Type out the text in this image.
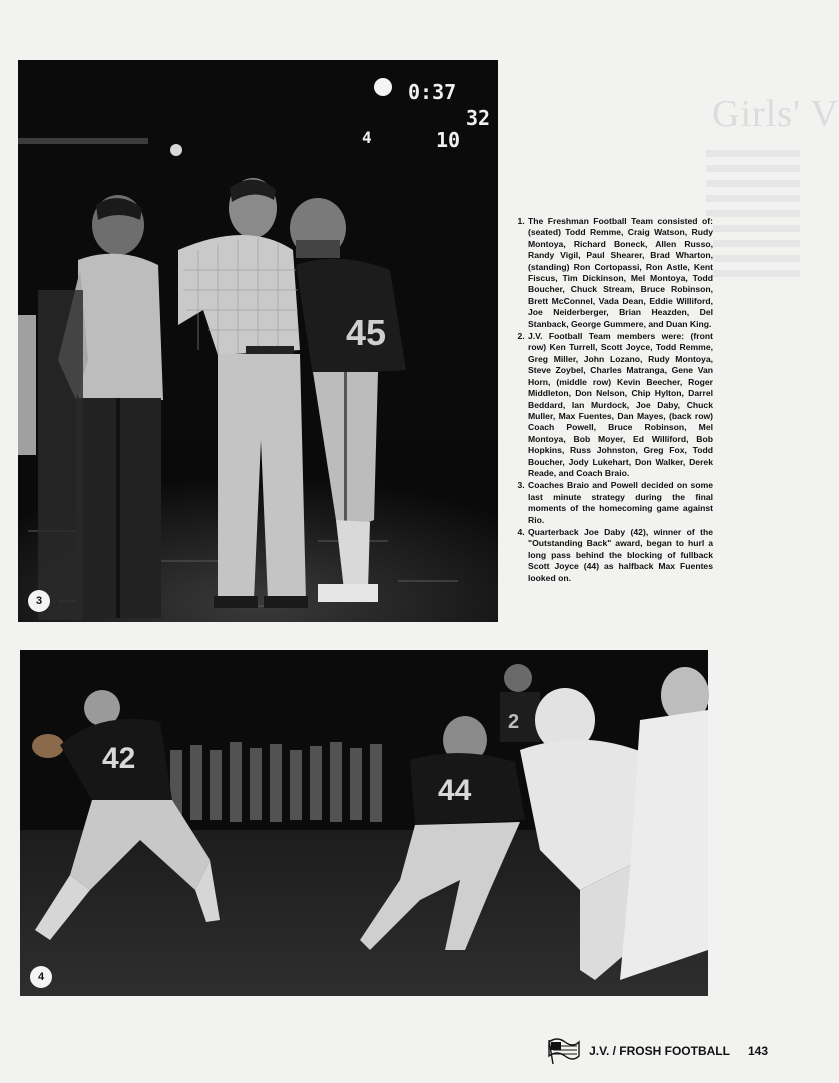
Girls' V
45
0:37
32
4	10
3
1. The Freshman Football Team consisted of: (seated) Todd Remme, Craig Watson, Rudy Montoya, Richard Boneck, Allen Russo, Randy Vigil, Paul Shearer, Brad Wharton, (standing) Ron Cortopassi, Ron Astle, Kent Fiscus, Tim Dickinson, Mel Montoya, Todd Boucher, Chuck Stream, Bruce Robinson, Brett McConnel, Vada Dean, Eddie Williford, Joe Neiderberger, Brian Heazden, Del Stanback, George Gummere, and Duan King.
2. J.V. Football Team members were: (front row) Ken Turrell, Scott Joyce, Todd Remme, Greg Miller, John Lozano, Rudy Montoya, Steve Zoybel, Charles Matranga, Gene Van Horn, (middle row) Kevin Beecher, Roger Middleton, Don Nelson, Chip Hylton, Darrel Beddard, Ian Murdock, Joe Daby, Chuck Muller, Max Fuentes, Dan Mayes, (back row) Coach Powell, Bruce Robinson, Mel Montoya, Bob Moyer, Ed Williford, Bob Hopkins, Russ Johnston, Greg Fox, Todd Boucher, Jody Lukehart, Don Walker, Derek Reade, and Coach Braio.
3. Coaches Braio and Powell decided on some last minute strategy during the final moments of the homecoming game against Rio.
4. Quarterback Joe Daby (42), winner of the "Outstanding Back" award, began to hurl a long pass behind the blocking of fullback Scott Joyce (44) as halfback Max Fuentes looked on.
42
44
2
4
J.V. / FROSH FOOTBALL 143
